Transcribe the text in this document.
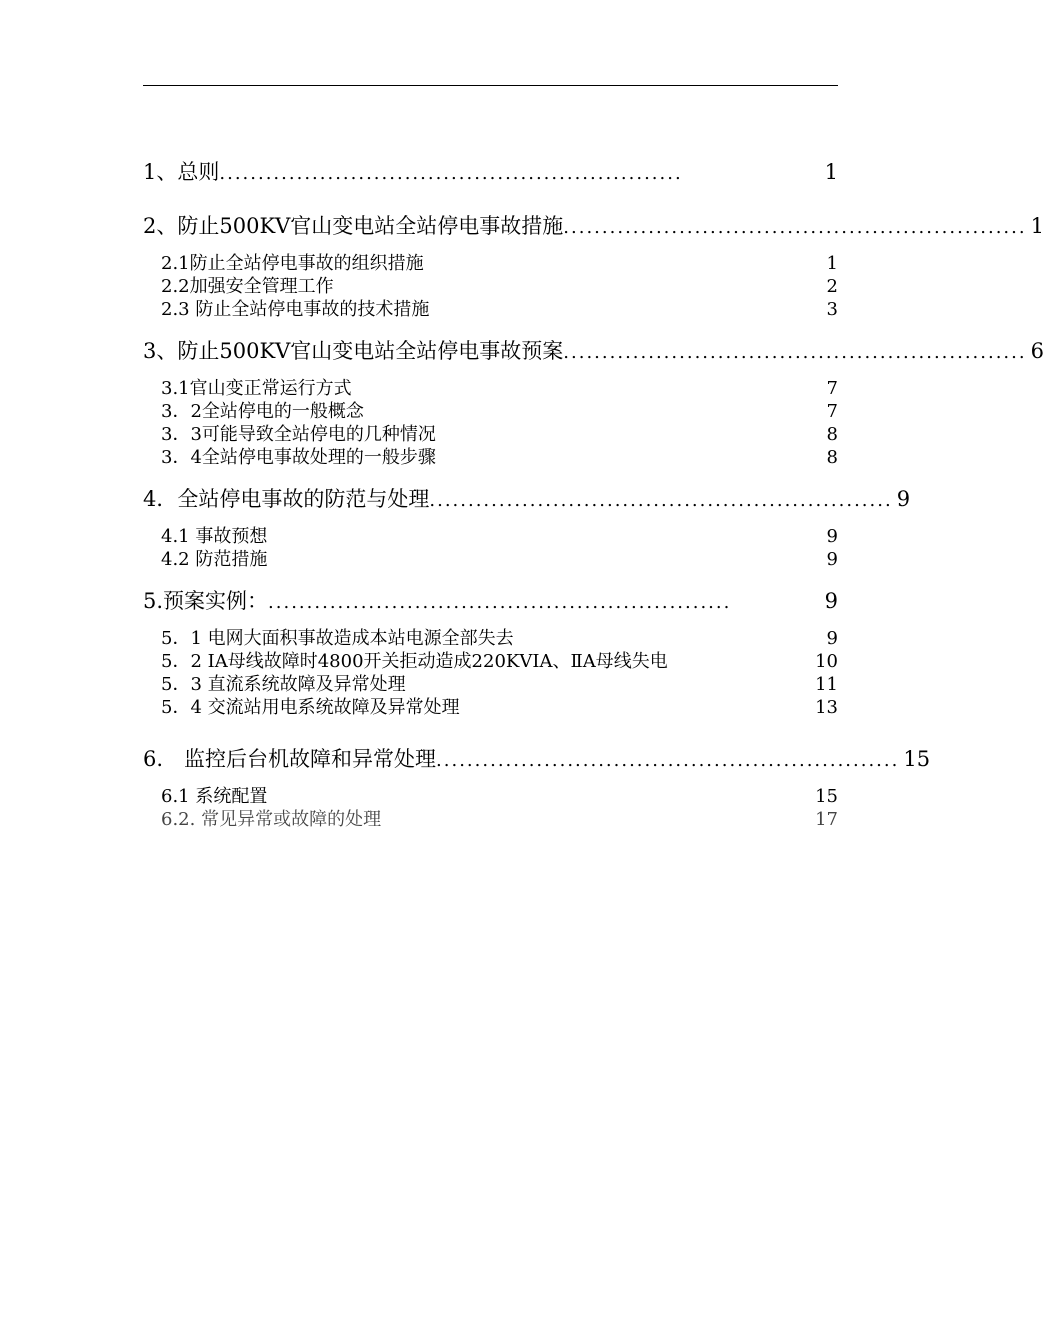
1、总则 ............................................................	1
2、防止500KV官山变电站全站停电事故措施 ............................................................ 1
2.1防止全站停电事故的组织措施	1
2.2加强安全管理工作	2
2.3 防止全站停电事故的技术措施	3
3、防止500KV官山变电站全站停电事故预案 ............................................................ 6
3.1官山变正常运行方式	7
3．2全站停电的一般概念	7
3．3可能导致全站停电的几种情况	8
3．4全站停电事故处理的一般步骤	8
4．全站停电事故的防范与处理 ............................................................ 9
4.1 事故预想	9
4.2 防范措施	9
5.预案实例： ............................................................	9
5．1 电网大面积事故造成本站电源全部失去	9
5．2 ⅠA母线故障时4800开关拒动造成220KVⅠA、ⅡA母线失电	10
5．3 直流系统故障及异常处理	11
5．4 交流站用电系统故障及异常处理	13
6.　监控后台机故障和异常处理 ............................................................ 15
6.1 系统配置	15
6.2. 常见异常或故障的处理	17
